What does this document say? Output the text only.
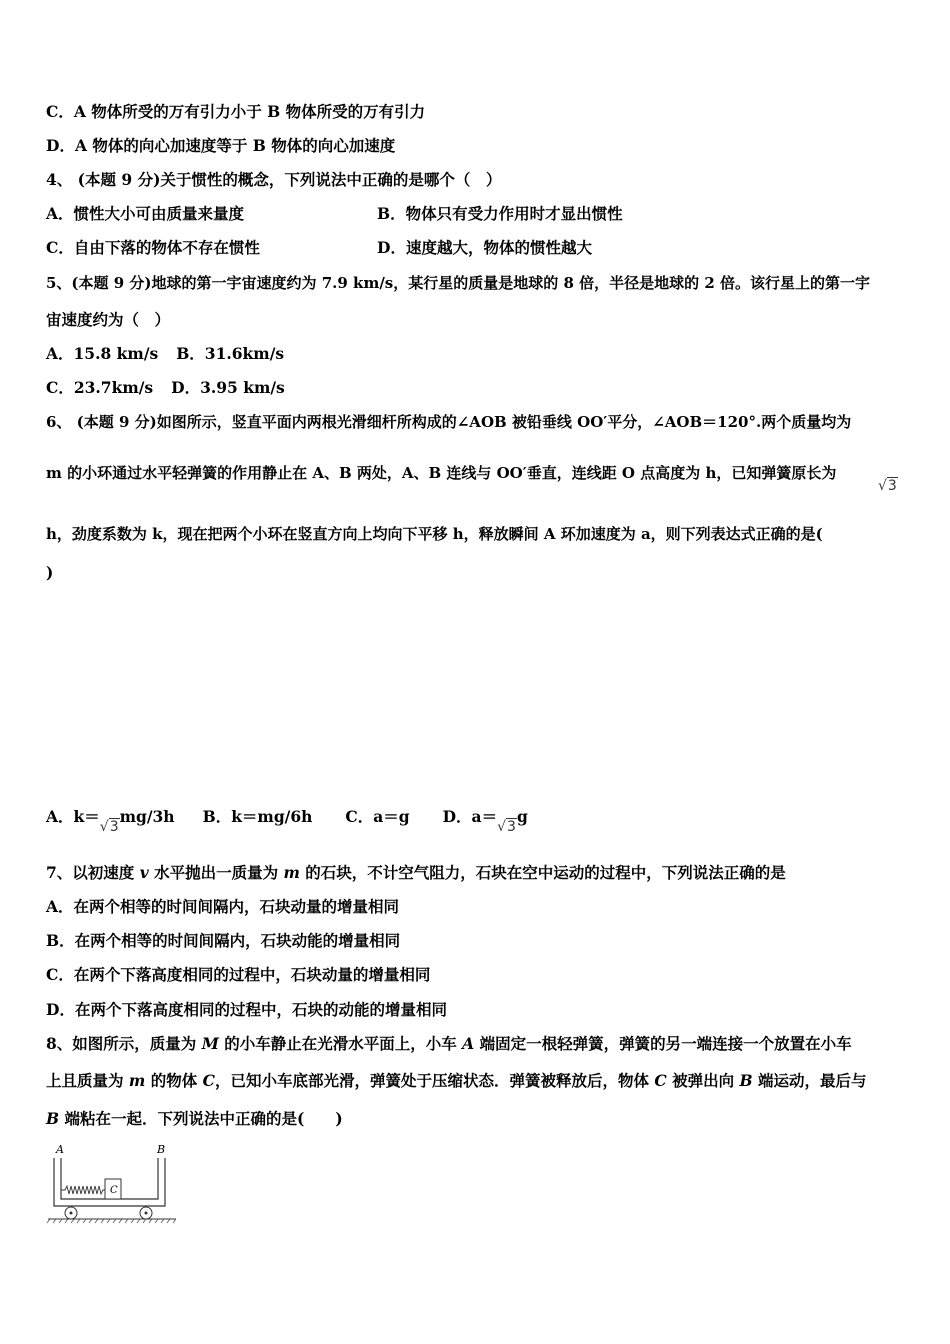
C．A 物体所受的万有引力小于 B 物体所受的万有引力
D．A 物体的向心加速度等于 B 物体的向心加速度
4、 (本题 9 分)关于惯性的概念，下列说法中正确的是哪个（　）
A．惯性大小可由质量来量度	B．物体只有受力作用时才显出惯性
C．自由下落的物体不存在惯性	D．速度越大，物体的惯性越大
5、(本题 9 分)地球的第一宇宙速度约为 7.9 km/s，某行星的质量是地球的 8 倍，半径是地球的 2 倍。该行星上的第一宇
宙速度约为（　）
A．15.8 km/s B．31.6km/s
C．23.7km/s D．3.95 km/s
6、 (本题 9 分)如图所示，竖直平面内两根光滑细杆所构成的∠AOB 被铅垂线 OO′平分，∠AOB＝120°.两个质量均为
m 的小环通过水平轻弹簧的作用静止在 A、B 两处，A、B 连线与 OO′垂直，连线距 O 点高度为 h，已知弹簧原长为
√3
h，劲度系数为 k，现在把两个小环在竖直方向上均向下平移 h，释放瞬间 A 环加速度为 a，则下列表达式正确的是(
)
A．k＝√3mg/3h B．k＝mg/6h C．a＝g D．a＝√3g
7、以初速度 v 水平抛出一质量为 m 的石块，不计空气阻力，石块在空中运动的过程中，下列说法正确的是
A．在两个相等的时间间隔内，石块动量的增量相同
B．在两个相等的时间间隔内，石块动能的增量相同
C．在两个下落高度相同的过程中，石块动量的增量相同
D．在两个下落高度相同的过程中，石块的动能的增量相同
8、如图所示，质量为 M 的小车静止在光滑水平面上，小车 A 端固定一根轻弹簧，弹簧的另一端连接一个放置在小车
上且质量为 m 的物体 C，已知小车底部光滑，弹簧处于压缩状态．弹簧被释放后，物体 C 被弹出向 B 端运动，最后与
B 端粘在一起．下列说法中正确的是(　　)
A	B
C
